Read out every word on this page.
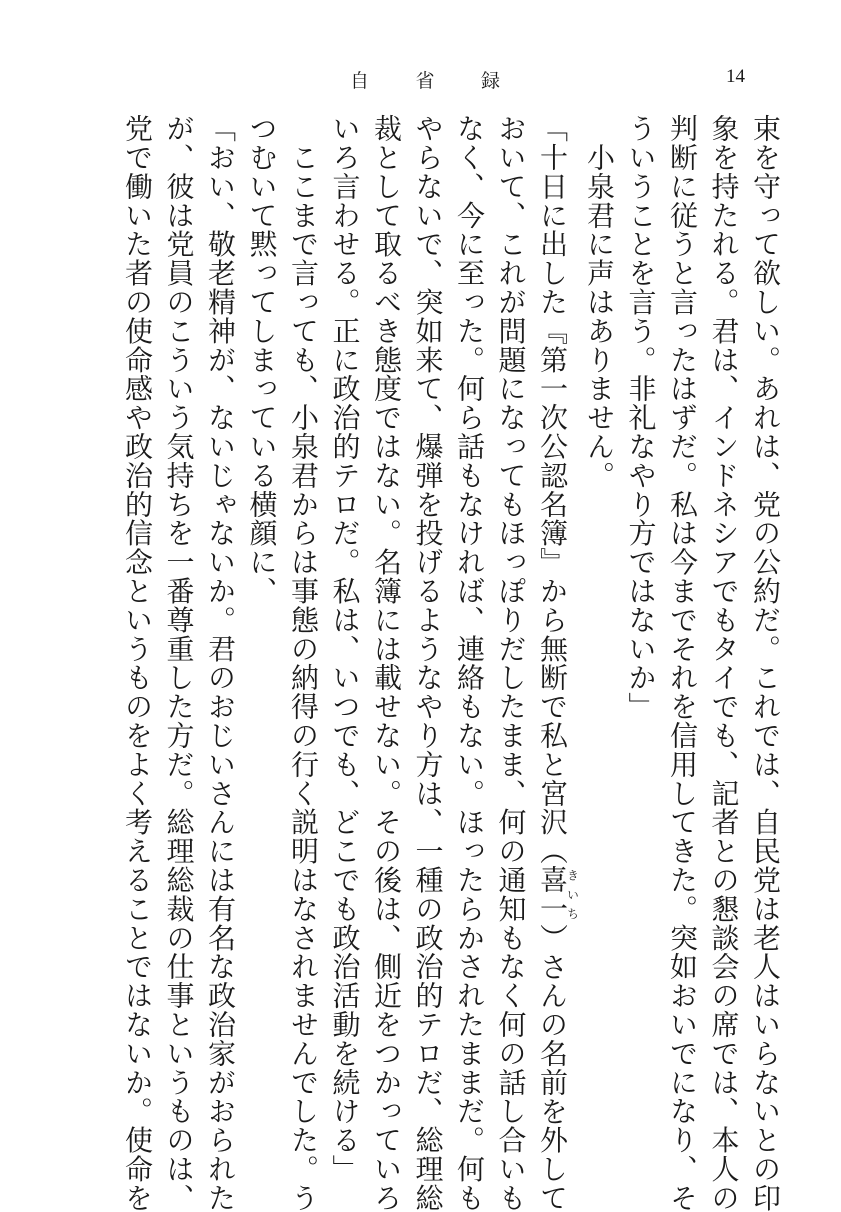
自 省 録	14
束を守って欲しい。あれは、党の公約だ。これでは、自民党は老人はいらないとの印
象を持たれる。君は、インドネシアでもタイでも、記者との懇談会の席では、本人の
判断に従うと言ったはずだ。私は今までそれを信用してきた。突如おいでになり、そ
ういうことを言う。非礼なやり方ではないか」
　小泉君に声はありません。
「十日に出した『第一次公認名簿』から無断で私と宮沢（喜一きいち）さんの名前を外して
おいて、これが問題になってもほっぽりだしたまま、何の通知もなく何の話し合いも
なく、今に至った。何ら話もなければ、連絡もない。ほったらかされたままだ。何も
やらないで、突如来て、爆弾を投げるようなやり方は、一種の政治的テロだ、総理総
裁として取るべき態度ではない。名簿には載せない。その後は、側近をつかっていろ
いろ言わせる。正に政治的テロだ。私は、いつでも、どこでも政治活動を続ける」
　ここまで言っても、小泉君からは事態の納得の行く説明はなされませんでした。う
つむいて黙ってしまっている横顔に、
「おい、敬老精神が、ないじゃないか。君のおじいさんには有名な政治家がおられた
が、彼は党員のこういう気持ちを一番尊重した方だ。総理総裁の仕事というものは、
党で働いた者の使命感や政治的信念というものをよく考えることではないか。使命を
